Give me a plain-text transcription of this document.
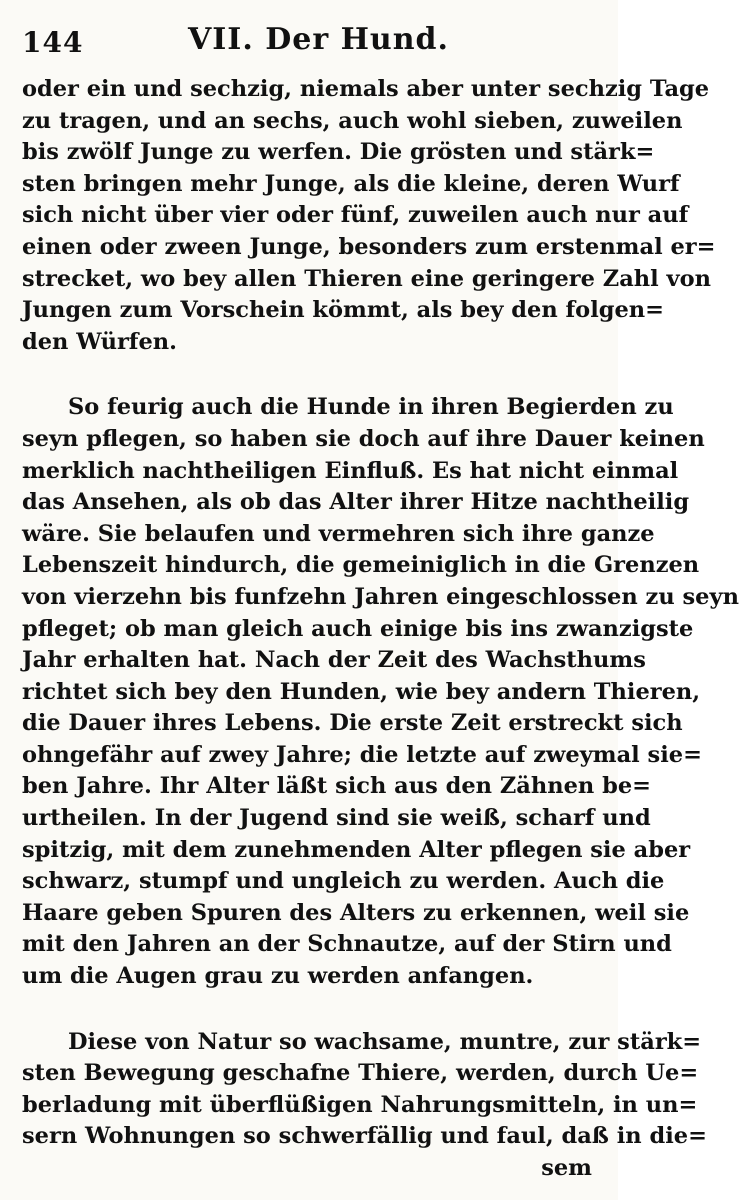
144	VII. Der Hund.
oder ein und sechzig, niemals aber unter sechzig Tage
zu tragen, und an sechs, auch wohl sieben, zuweilen
bis zwölf Junge zu werfen. Die grösten und stärk=
sten bringen mehr Junge, als die kleine, deren Wurf
sich nicht über vier oder fünf, zuweilen auch nur auf
einen oder zween Junge, besonders zum erstenmal er=
strecket, wo bey allen Thieren eine geringere Zahl von
Jungen zum Vorschein kömmt, als bey den folgen=
den Würfen.
So feurig auch die Hunde in ihren Begierden zu
seyn pflegen, so haben sie doch auf ihre Dauer keinen
merklich nachtheiligen Einfluß. Es hat nicht einmal
das Ansehen, als ob das Alter ihrer Hitze nachtheilig
wäre. Sie belaufen und vermehren sich ihre ganze
Lebenszeit hindurch, die gemeiniglich in die Grenzen
von vierzehn bis funfzehn Jahren eingeschlossen zu seyn
pfleget; ob man gleich auch einige bis ins zwanzigste
Jahr erhalten hat. Nach der Zeit des Wachsthums
richtet sich bey den Hunden, wie bey andern Thieren,
die Dauer ihres Lebens. Die erste Zeit erstreckt sich
ohngefähr auf zwey Jahre; die letzte auf zweymal sie=
ben Jahre. Ihr Alter läßt sich aus den Zähnen be=
urtheilen. In der Jugend sind sie weiß, scharf und
spitzig, mit dem zunehmenden Alter pflegen sie aber
schwarz, stumpf und ungleich zu werden. Auch die
Haare geben Spuren des Alters zu erkennen, weil sie
mit den Jahren an der Schnautze, auf der Stirn und
um die Augen grau zu werden anfangen.
Diese von Natur so wachsame, muntre, zur stärk=
sten Bewegung geschafne Thiere, werden, durch Ue=
berladung mit überflüßigen Nahrungsmitteln, in un=
sern Wohnungen so schwerfällig und faul, daß in die=
sem
